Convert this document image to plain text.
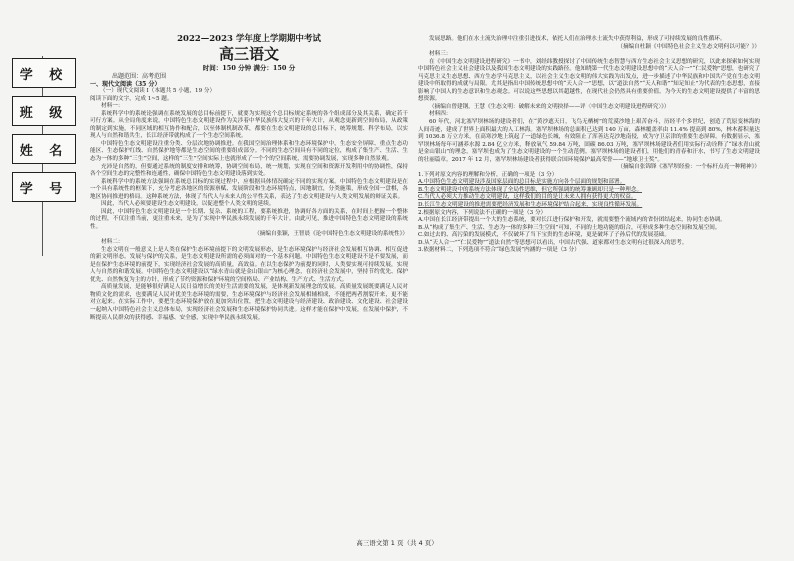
学 校
班 级
姓 名
学 号
2022—2023 学年度上学期期中考试
高三语文
时间：150 分钟 满分：150 分
出题范围：高考范围
一、现代文阅读（35 分）
（一）现代文阅读 I（本题共 5 小题，19 分）
阅读下面的文字，完成 1~5 题。
材料一：
系统科学中的系统论强调在系统发展的总目标前提下，就要为实现这个总目标规定系统的各个组成部分及其关系，确定若干可行方案。从全局角度来说，中国特色生态文明建设作为关涉着中华民族伟大复兴的千年大计，从观念更新到空间布局，从政策的制定到实施，不同区域的相互协作和配合，以至体制机制改革，都要在生态文明建设的总目标下，统筹规划、科学布局，以实现人与自然和谐共生，长江经济带就构成了一个生态空间系统。
中国特色生态文明建设注重分类、分层次地协调推进。在我国空间治理体系和生态环境保护中，生态安全屏障、重点生态功能区、生态保护红线、自然保护地等都是生态空间的重要组成部分。不同的生态空间具有不同的定位，构成了集生产、生活、生态为一体的多种“三生”空间，这样的“三生”空间实际上也就形成了一个个的空间系统，需要协调发展，实现多种自然景观。
充沛是自然的，但要通过系统的制度安排和统筹，协调空间布局，统一规划，实现在空间和资源开发利用中的协调性，保持各个空间生态的完整性和连通性，确保中国特色生态文明建设落到实处。
系统科学中的系统方法强调在系统总目标的实现过程中，应根据具体情况确定不同的实现方案。中国特色生态文明建设是在一个具有系统性的框架下，充分考虑各地区的资源禀赋、发展阶段和生态环境特点，因地制宜，分类施策，形成全国一盘棋，各地区协同推进的格局。这种系统方法，体现了当代人与未来人的公平性关系，表达了生态文明建设与人类文明发展的辩证关系。
因此，当代人必须要建设生态文明建设，以促进整个人类文明的延续。
因此，中国特色生态文明建设是一个长期、复杂、系统的工程，要系统推进，协调好各方面的关系，在时间上把握一个整体的过程，不仅注重当前，更注重未来，是为了实现中华民族永续发展的千年大计。由此可见，推进中国特色生态文明建设的系统性。
（摘编自张颖，王智晨《论中国特色生态文明建设的系统性》）
材料二：
生态文明在一般意义上是人类在保护生态环境前提下的文明发展形态，是生态环境保护与经济社会发展相互协调、相互促进的新文明形态。发展与保护的关系，是生态文明建设所需的必须面对的一个基本问题。中国特色生态文明建设不是不要发展，而是在保护生态环境的前提下，实现经济社会发展的高质量，高效益。在以生态保护为前提的同时，人类要实现可持续发展，实现人与自然的和谐发展。中国特色生态文明建设以“绿水青山就是金山银山”为核心理念，在经济社会发展中，坚持节约优先、保护优先、自然恢复为主的方针，形成了节约资源和保护环境的空间格局、产业结构、生产方式、生活方式。
高质量发展，是能够很好满足人民日益增长的美好生活需要的发展，是体现新发展理念的发展。高质量发展既要满足人民对物质文化的需求，也要满足人民对优美生态环境的需要，生态环境保护与经济社会发展相辅相成，不能把两者割裂开来，更不能对立起来。在实际工作中，要把生态环境保护放在更加突出位置，把生态文明建设与经济建设、政治建设、文化建设、社会建设一起纳入中国特色社会主义总体布局，实现经济社会发展和生态环境保护协同共进。这样才能在保护中发展，在发展中保护，不断提高人民群众的获得感、幸福感、安全感，实现中华民族永续发展。
发展思路。他们在水土流失治理中注重引进技术，依托人们在治理水土流失中获得利益，形成了可持续发展的良性循环。
（摘编自杜颖《中国特色社会主义生态文明何以可能？》）
材料三：
在《中国生态文明建设进程研究》一书中，刘经纬教授探讨了中国传统生态智慧与西方生态社会主义思想的研究，以此来探索如何实现中国特色社会主义社会建设以及我国生态文明建设的实践路径。他知晓第一代生态文明建设思想中的“天人合一”“仁民爱物”思想，也研究了马克思主义生态思想、西方生态学马克思主义，以社会主义生态文明的伟大实践为出发点，进一步描述了中华民族和中国共产党在生态文明建设中所取得的成就与局限。尤其是指出中国传统思想中的“天人合一”思想，以“道法自然”“天人和谐”“知足知止”为代表的生态思想，直接影响了中国人的生态意识和生态观念。可以说这些思想以其超越性，在现代社会仍然具有重要价值。为今天的生态文明建设提供了丰富的思想资源。
（摘编自曾建钢，王慧《生态文明：破解未来的文明抉择——评〈中国生态文明建设进程研究〉》）
材料四：
60 年代，河北塞罕坝林场的建设者们，在“黄沙遮天日，飞鸟无栖树”的荒漠沙地上艰苦奋斗，历经半个多世纪，创造了荒原变林海的人间奇迹，建成了世界上面积最大的人工林海。塞罕坝林场的总面积已达到 140 万亩，森林覆盖率由 11.4% 提高到 80%，林木蓄积量达到 1036.8 万立方米，在高寒沙地上筑起了一道绿色长城，有效阻止了浑善达克沙地南侵，成为守卫京津的重要生态屏障。有数据显示，塞罕坝林场每年可涵养水源 2.84 亿立方米，释放氧气 59.84 万吨，固碳 86.03 万吨，塞罕坝林场建设者们用实际行动诠释了“绿水青山就是金山银山”的理念，塞罕坝也成为了生态文明建设的一个生动范例。塞罕坝林场的建设者们，用他们的青春和汗水，书写了生态文明建设的壮丽篇章。2017 年 12 月，塞罕坝林场建设者获得联合国环境保护最高荣誉——“地球卫士奖”。
（摘编自张锦锋《塞罕坝经验：一个标杆点亮一种精神》）
1.下列对原文内容的理解和分析，正确的一项是（3 分）
A.中国特色生态文明建设涉及国家层面的总目标是实施方向各个层面的规划和部署。
B.生态文明建设中的系统方法体现了全局性思维，但它所强调的统筹兼顾却只是一种理念。
C.当代人必须大力推动生态文明建设，这样我们的目的是让未来人拥有获得更大的权益。
D.长江生态文明建设的推进需要把经济发展和生态环境保护结合起来，实现良性循环发展。
2.根据原文内容，下列说法不正确的一项是（3 分）
A.中国在长江经济带提出一个大的生态系统，要对长江进行保护和开发，就需要整个流域内的省份团结起来，协同生态协调。
B.从“构成了集生产、生活、生态为一体的多种三生空间”可知，不同的土地功能的组合，可形成多种生态空间和发展空间。
C.如过去的、高污染的发展模式，不仅破坏了当下宝贵的生态环境，更是破坏了子孙后代的发展基础。
D.从“天人合一”“仁民爱物”“道法自然”等思想可以看出，中国古代强、道家都对生态文明有过很深入的思考。
3.依据材料二，下列选项不符合“绿色发展”内涵的一项是（3 分）
高三语文第 1 页（共 4 页）
